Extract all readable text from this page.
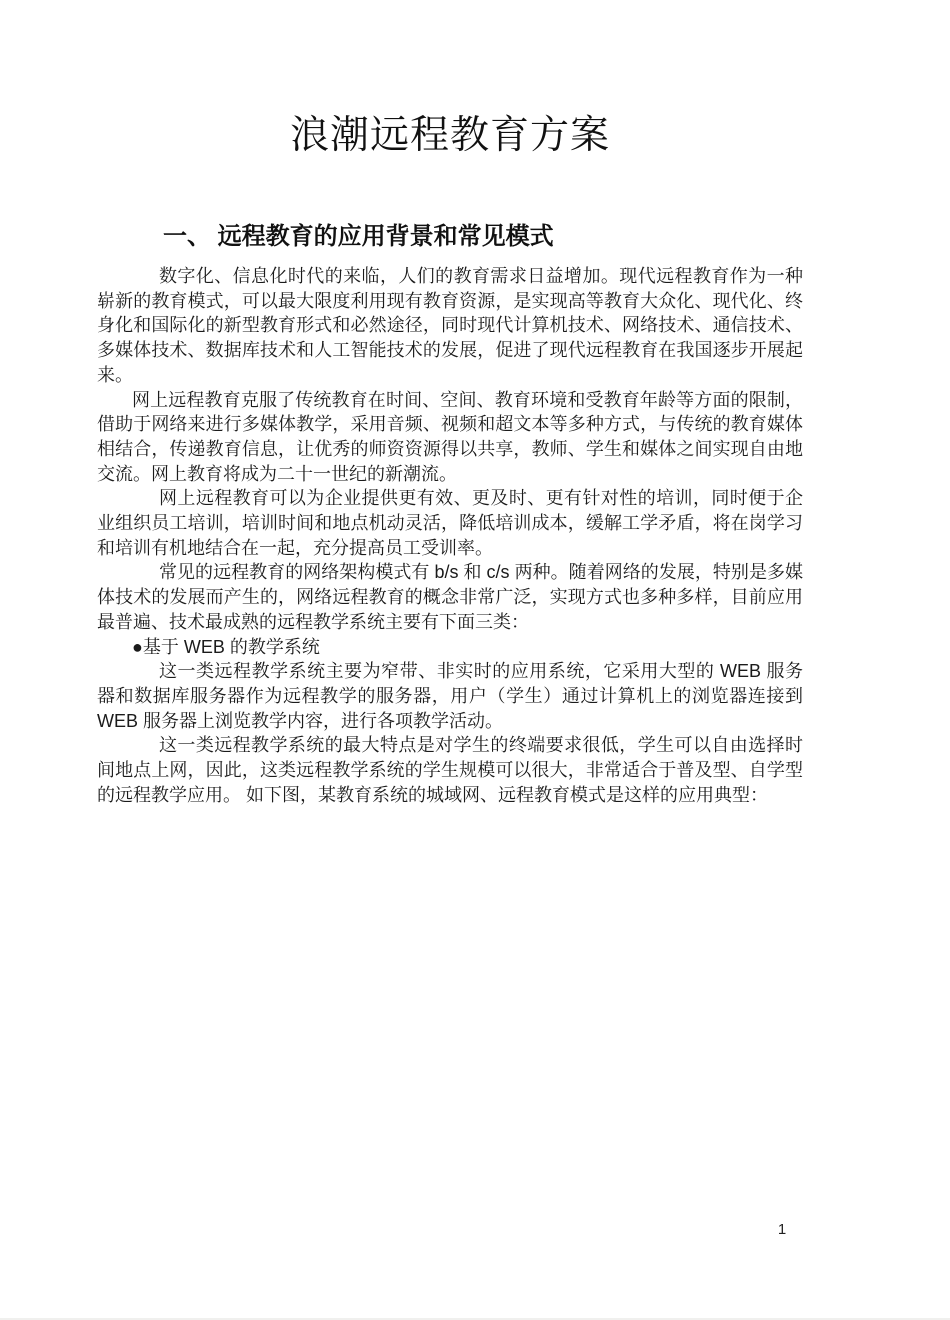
浪潮远程教育方案
一、 远程教育的应用背景和常见模式

数字化、信息化时代的来临，人们的教育需求日益增加。现代远程教育作为一种崭新的教育模式，可以最大限度利用现有教育资源，是实现高等教育大众化、现代化、终身化和国际化的新型教育形式和必然途径，同时现代计算机技术、网络技术、通信技术、多媒体技术、数据库技术和人工智能技术的发展，促进了现代远程教育在我国逐步开展起来。

网上远程教育克服了传统教育在时间、空间、教育环境和受教育年龄等方面的限制，借助于网络来进行多媒体教学，采用音频、视频和超文本等多种方式，与传统的教育媒体相结合，传递教育信息，让优秀的师资资源得以共享，教师、学生和媒体之间实现自由地交流。网上教育将成为二十一世纪的新潮流。

网上远程教育可以为企业提供更有效、更及时、更有针对性的培训，同时便于企业组织员工培训，培训时间和地点机动灵活，降低培训成本，缓解工学矛盾，将在岗学习和培训有机地结合在一起，充分提高员工受训率。

常见的远程教育的网络架构模式有 b/s 和 c/s 两种。随着网络的发展，特别是多媒体技术的发展而产生的，网络远程教育的概念非常广泛，实现方式也多种多样，目前应用最普遍、技术最成熟的远程教学系统主要有下面三类：

●基于 WEB 的教学系统

这一类远程教学系统主要为窄带、非实时的应用系统，它采用大型的 WEB 服务器和数据库服务器作为远程教学的服务器，用户（学生）通过计算机上的浏览器连接到 WEB 服务器上浏览教学内容，进行各项教学活动。

这一类远程教学系统的最大特点是对学生的终端要求很低，学生可以自由选择时间地点上网，因此，这类远程教学系统的学生规模可以很大，非常适合于普及型、自学型的远程教学应用。 如下图，某教育系统的城域网、远程教育模式是这样的应用典型：

1
